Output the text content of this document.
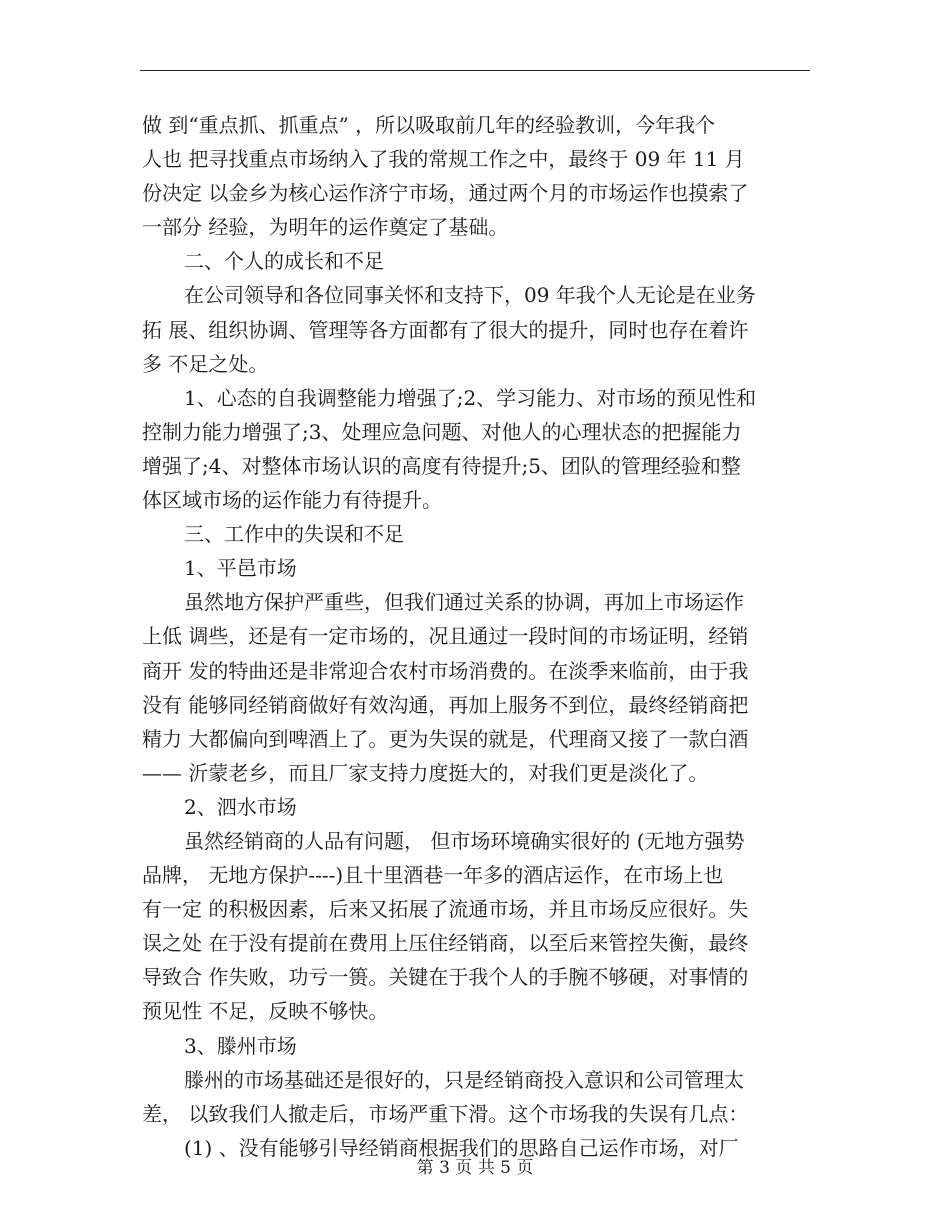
做 到“重点抓、抓重点” ，所以吸取前几年的经验教训，今年我个
人也 把寻找重点市场纳入了我的常规工作之中，最终于 09 年 11 月
份决定 以金乡为核心运作济宁市场，通过两个月的市场运作也摸索了
一部分 经验，为明年的运作奠定了基础。
二、个人的成长和不足
在公司领导和各位同事关怀和支持下，09 年我个人无论是在业务
拓 展、组织协调、管理等各方面都有了很大的提升，同时也存在着许
多 不足之处。
1、心态的自我调整能力增强了;2、学习能力、对市场的预见性和
控制力能力增强了;3、处理应急问题、对他人的心理状态的把握能力
增强了;4、对整体市场认识的高度有待提升;5、团队的管理经验和整
体区域市场的运作能力有待提升。
三、工作中的失误和不足
1、平邑市场
虽然地方保护严重些，但我们通过关系的协调，再加上市场运作
上低 调些，还是有一定市场的，况且通过一段时间的市场证明，经销
商开 发的特曲还是非常迎合农村市场消费的。在淡季来临前，由于我
没有 能够同经销商做好有效沟通，再加上服务不到位，最终经销商把
精力 大都偏向到啤酒上了。更为失误的就是，代理商又接了一款白酒
—— 沂蒙老乡，而且厂家支持力度挺大的，对我们更是淡化了。
2、泗水市场
虽然经销商的人品有问题， 但市场环境确实很好的 (无地方强势
品牌， 无地方保护----)且十里酒巷一年多的酒店运作，在市场上也
有一定 的积极因素，后来又拓展了流通市场，并且市场反应很好。失
误之处 在于没有提前在费用上压住经销商，以至后来管控失衡，最终
导致合 作失败，功亏一篑。关键在于我个人的手腕不够硬，对事情的
预见性 不足，反映不够快。
3、滕州市场
滕州的市场基础还是很好的，只是经销商投入意识和公司管理太
差， 以致我们人撤走后，市场严重下滑。这个市场我的失误有几点：
(1) 、没有能够引导经销商根据我们的思路自己运作市场，对厂
第 3 页 共 5 页
